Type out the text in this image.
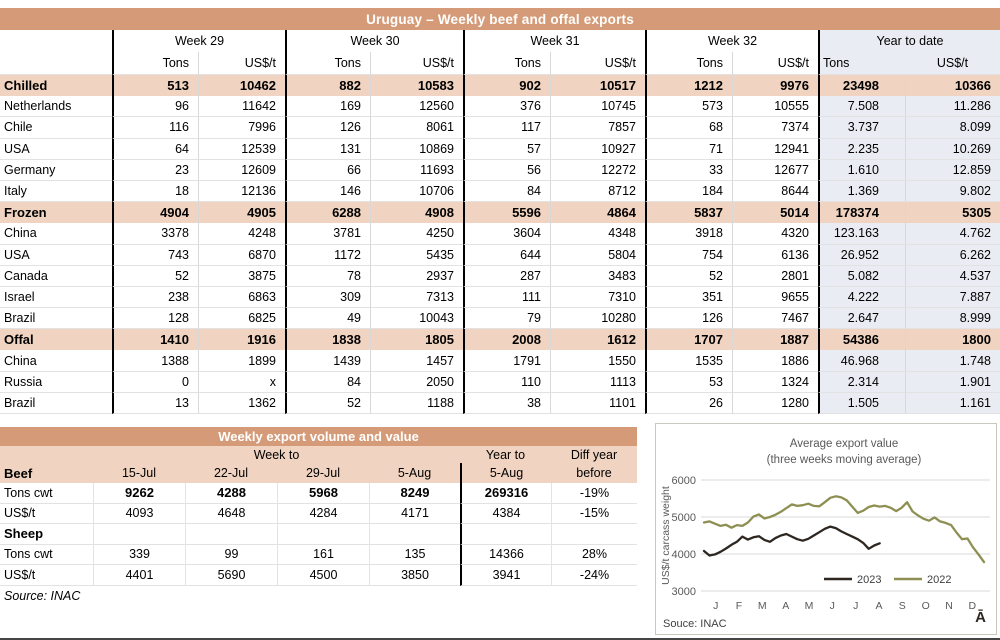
Uruguay – Weekly beef and offal exports
Week 29	Week 30	Week 31	Week 32	Year to date
Tons	US$/t	Tons	US$/t	Tons	US$/t	Tons	US$/t	Tons	US$/t
Chilled	513	10462	882	10583	902	10517	1212	9976	23498	10366
Netherlands	96	11642	169	12560	376	10745	573	10555	7.508	11.286
Chile	116	7996	126	8061	117	7857	68	7374	3.737	8.099
USA	64	12539	131	10869	57	10927	71	12941	2.235	10.269
Germany	23	12609	66	11693	56	12272	33	12677	1.610	12.859
Italy	18	12136	146	10706	84	8712	184	8644	1.369	9.802
Frozen	4904	4905	6288	4908	5596	4864	5837	5014	178374	5305
China	3378	4248	3781	4250	3604	4348	3918	4320	123.163	4.762
USA	743	6870	1172	5435	644	5804	754	6136	26.952	6.262
Canada	52	3875	78	2937	287	3483	52	2801	5.082	4.537
Israel	238	6863	309	7313	111	7310	351	9655	4.222	7.887
Brazil	128	6825	49	10043	79	10280	126	7467	2.647	8.999
Offal	1410	1916	1838	1805	2008	1612	1707	1887	54386	1800
China	1388	1899	1439	1457	1791	1550	1535	1886	46.968	1.748
Russia	0	x	84	2050	110	1113	53	1324	2.314	1.901
Brazil	13	1362	52	1188	38	1101	26	1280	1.505	1.161
Weekly export volume and value
Week to	Year to	Diff year
Beef	15-Jul	22-Jul	29-Jul	5-Aug	5-Aug	before
Tons cwt	9262	4288	5968	8249	269316	-19%
US$/t	4093	4648	4284	4171	4384	-15%
Sheep
Tons cwt	339	99	161	135	14366	28%
US$/t	4401	5690	4500	3850	3941	-24%
Source: INAC
Average export value
(three weeks moving average)
US$/t carcass weight
3000
4000
5000
6000
J F M A M J J A S O N D
2023	2022
Souce: INAC	Ā
